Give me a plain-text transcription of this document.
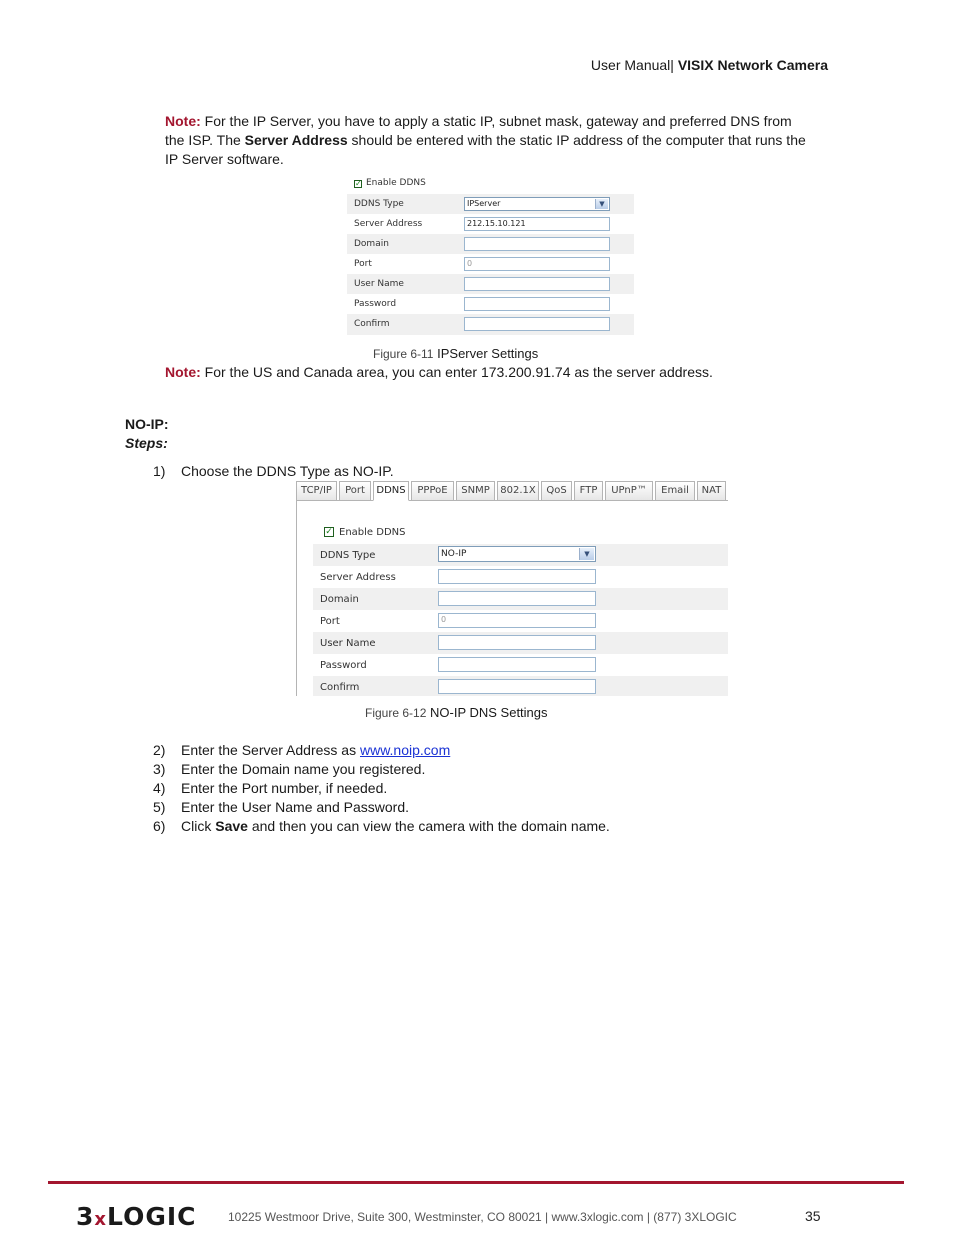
User Manual| VISIX Network Camera
Note: For the IP Server, you have to apply a static IP, subnet mask, gateway and preferred DNS from
the ISP. The Server Address should be entered with the static IP address of the computer that runs the
IP Server software.
✓ Enable DDNS
DDNS Type	IPServer	▼
Server Address	212.15.10.121
Domain
Port	0
User Name
Password
Confirm
Figure 6-11 IPServer Settings
Note: For the US and Canada area, you can enter 173.200.91.74 as the server address.
NO-IP:
Steps:
1) Choose the DDNS Type as NO-IP.
TCP/IP	Port	DDNS	PPPoE	SNMP	802.1X	QoS	FTP	UPnP™	Email	NAT
✓ Enable DDNS
DDNS Type	NO-IP	▼
Server Address
Domain
Port	0
User Name
Password
Confirm
Figure 6-12 NO-IP DNS Settings
2) Enter the Server Address as www.noip.com
3) Enter the Domain name you registered.
4) Enter the Port number, if needed.
5) Enter the User Name and Password.
6) Click Save and then you can view the camera with the domain name.
3xLOGIC	10225 Westmoor Drive, Suite 300, Westminster, CO 80021 | www.3xlogic.com | (877) 3XLOGIC	35
